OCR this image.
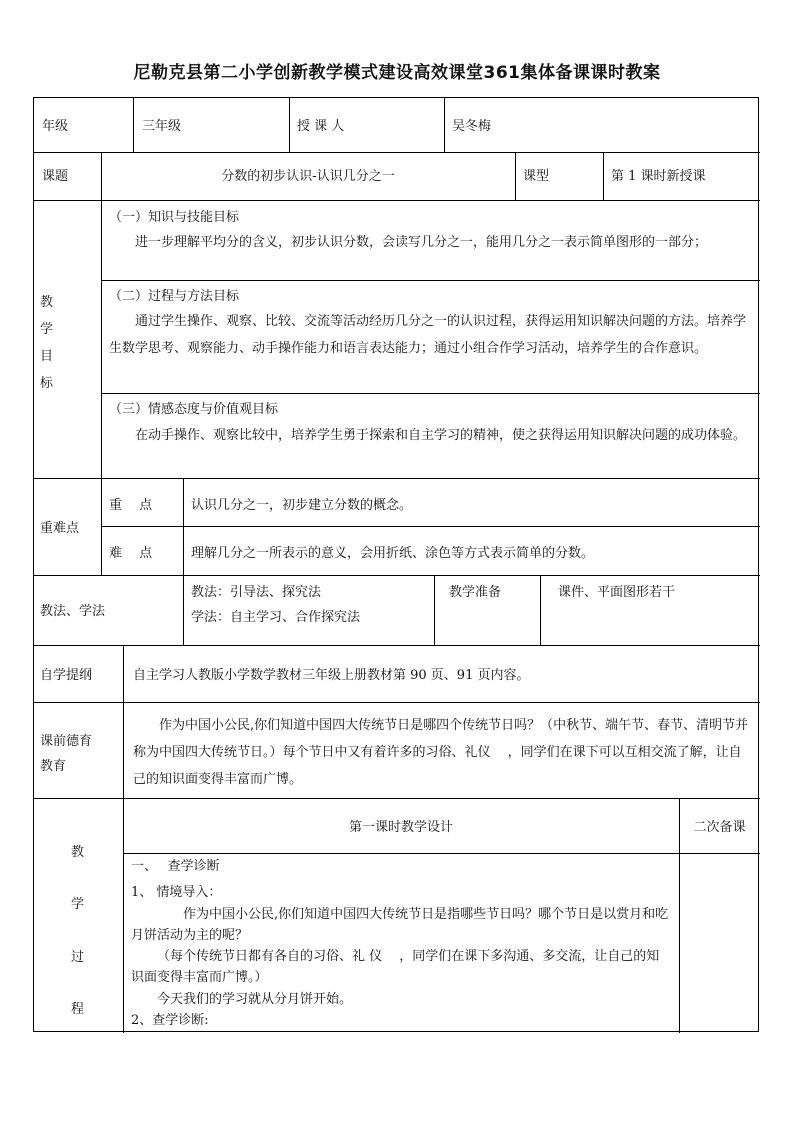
尼勒克县第二小学创新教学模式建设高效课堂361集体备课课时教案
年级	三年级	授 课 人	吴冬梅
课题	分数的初步认识-认识几分之一	课型	第 1 课时新授课
教
学
目
标
（一）知识与技能目标
进一步理解平均分的含义，初步认识分数，会读写几分之一，能用几分之一表示简单图形的一部分；
（二）过程与方法目标
通过学生操作、观察、比较、交流等活动经历几分之一的认识过程，获得运用知识解决问题的方法。培养学生数学思考、观察能力、动手操作能力和语言表达能力；通过小组合作学习活动，培养学生的合作意识。
（三）情感态度与价值观目标
在动手操作、观察比较中，培养学生勇于探索和自主学习的精神，使之获得运用知识解决问题的成功体验。
重难点
重　 点	认识几分之一，初步建立分数的概念。
难　 点	理解几分之一所表示的意义，会用折纸、涂色等方式表示简单的分数。
教法、学法
教法：引导法、探究法
学法：自主学习、合作探究法
教学准备	课件、平面图形若干
自学提纲	自主学习人教版小学数学教材三年级上册教材第 90 页、91 页内容。
课前德育
教育
作为中国小公民,你们知道中国四大传统节日是哪四个传统节日吗？（中秋节、端午节、春节、清明节并称为中国四大传统节日。）每个节日中又有着许多的习俗、礼仪　 ，同学们在课下可以互相交流了解，让自己的知识面变得丰富而广博。
教
学
过
程
第一课时教学设计	二次备课
一、　 查学诊断
1、 情境导入：
作为中国小公民,你们知道中国四大传统节日是指哪些节日吗？哪个节日是以赏月和吃月饼活动为主的呢？
（每个传统节日都有各自的习俗、礼 仪　 ，同学们在课下多沟通、多交流，让自己的知识面变得丰富而广博。）
今天我们的学习就从分月饼开始。
2、查学诊断:
